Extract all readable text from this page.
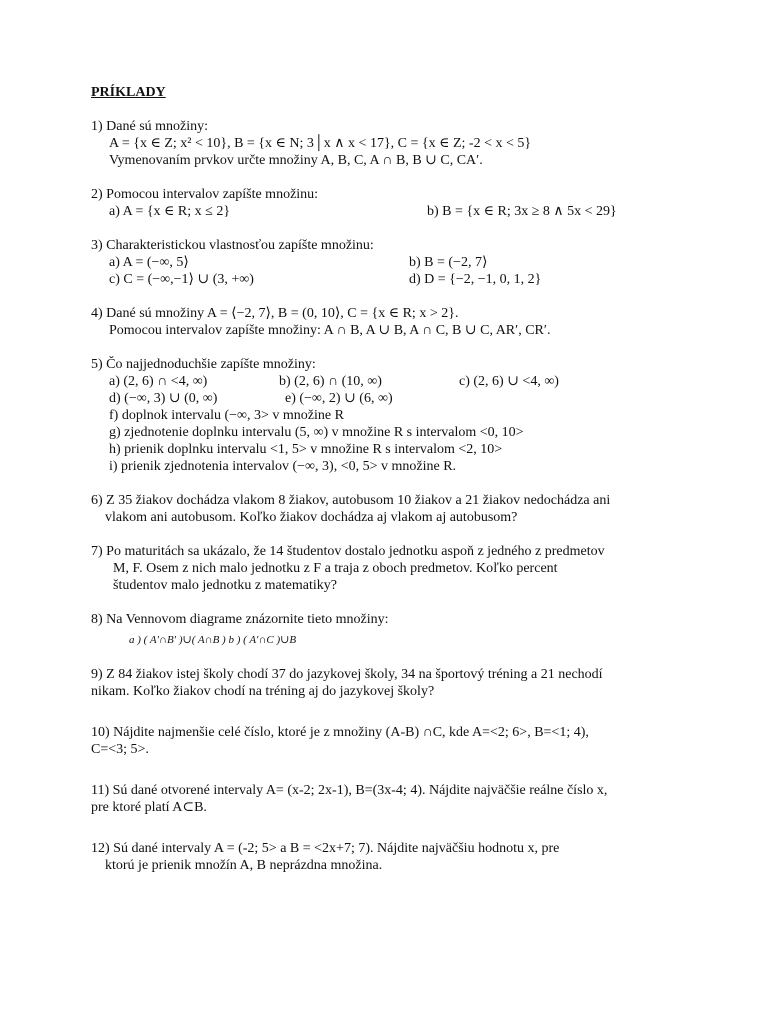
PRÍKLADY
1) Dané sú množiny:
A = {x ∈ Z; x² < 10}, B = {x ∈ N; 3│x ∧ x < 17}, C = {x ∈ Z; -2 < x < 5}
Vymenovaním prvkov určte množiny A, B, C, A ∩ B, B ∪ C, CA′.
2) Pomocou intervalov zapíšte množinu:
a) A = {x ∈ R; x ≤ 2}	b) B = {x ∈ R; 3x ≥ 8 ∧ 5x < 29}
3) Charakteristickou vlastnosťou zapíšte množinu:
a) A = (−∞, 5⟩	b) B = (−2, 7⟩
c) C = (−∞,−1⟩ ∪ (3, +∞)	d) D = {−2, −1, 0, 1, 2}
4) Dané sú množiny A = ⟨−2, 7⟩, B = (0, 10⟩, C = {x ∈ R; x > 2}.
Pomocou intervalov zapíšte množiny: A ∩ B, A ∪ B, A ∩ C, B ∪ C, AR′, CR′.
5) Čo najjednoduchšie zapíšte množiny:
a) (2, 6) ∩ <4, ∞)	b) (2, 6) ∩ (10, ∞)	c) (2, 6) ∪ <4, ∞)
d) (−∞, 3) ∪ (0, ∞)	e) (−∞, 2) ∪ (6, ∞)
f) doplnok intervalu (−∞, 3> v množine R
g) zjednotenie doplnku intervalu (5, ∞) v množine R s intervalom <0, 10>
h) prienik doplnku intervalu <1, 5> v množine R s intervalom <2, 10>
i) prienik zjednotenia intervalov (−∞, 3), <0, 5> v množine R.
6) Z 35 žiakov dochádza vlakom 8 žiakov, autobusom 10 žiakov a 21 žiakov nedochádza ani
vlakom ani autobusom. Koľko žiakov dochádza aj vlakom aj autobusom?
7) Po maturitách sa ukázalo, že 14 študentov dostalo jednotku aspoň z jedného z predmetov
M, F. Osem z nich malo jednotku z F a traja z oboch predmetov. Koľko percent
študentov malo jednotku z matematiky?
8) Na Vennovom diagrame znázornite tieto množiny:
a ) ( A′∩B′ )∪( A∩B ) b ) ( A′∩C )∪B
9) Z 84 žiakov istej školy chodí 37 do jazykovej školy, 34 na športový tréning a 21 nechodí
nikam. Koľko žiakov chodí na tréning aj do jazykovej školy?
10) Nájdite najmenšie celé číslo, ktoré je z množiny (A-B) ∩C, kde A=<2; 6>, B=<1; 4),
C=<3; 5>.
11) Sú dané otvorené intervaly A= (x-2; 2x-1), B=(3x-4; 4). Nájdite najväčšie reálne číslo x,
pre ktoré platí A⊂B.
12) Sú dané intervaly A = (-2; 5> a B = <2x+7; 7). Nájdite najväčšiu hodnotu x, pre
ktorú je prienik množín A, B neprázdna množina.
